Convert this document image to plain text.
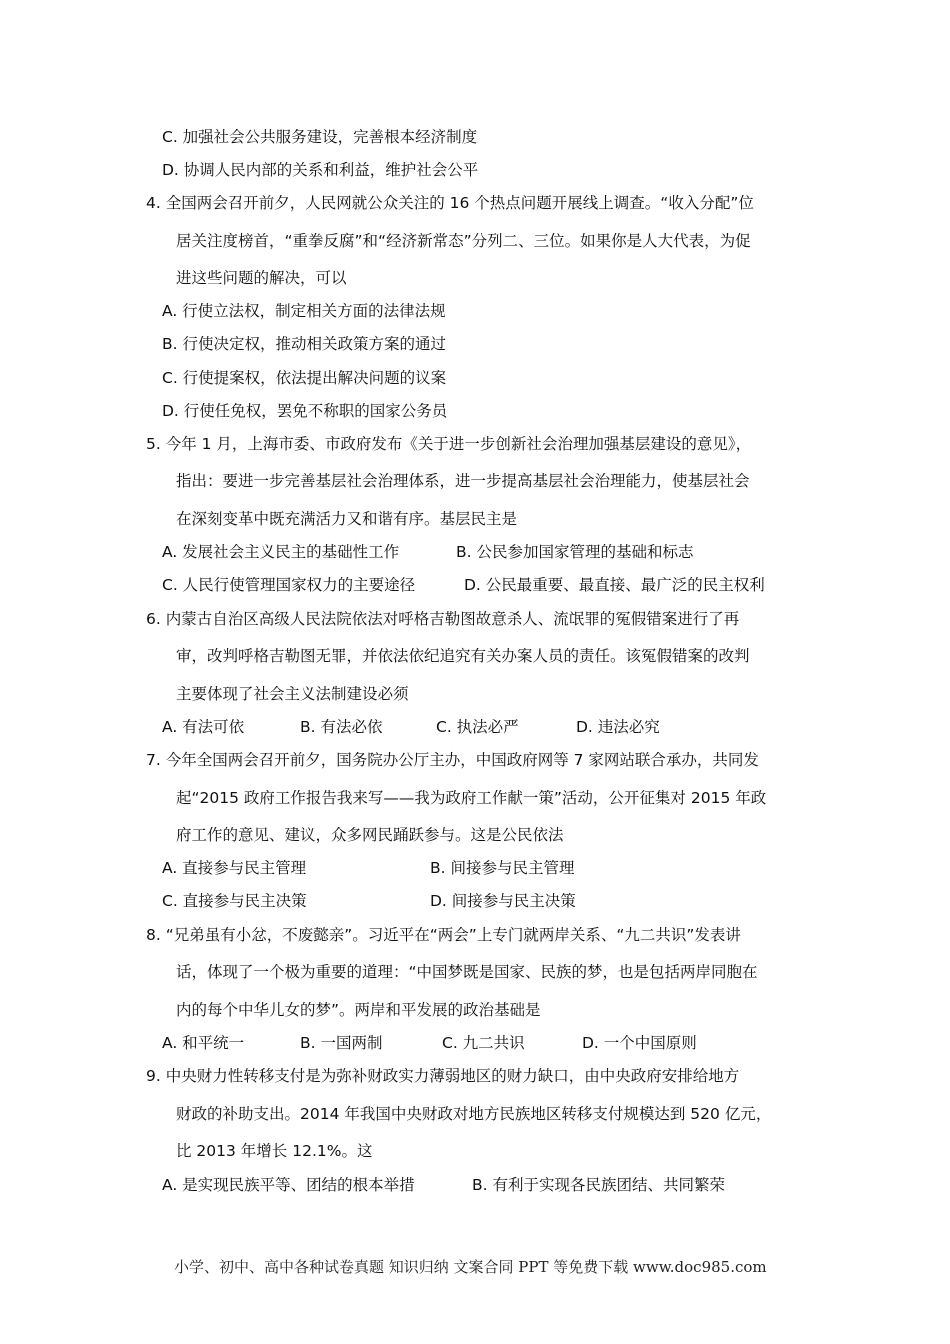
C. 加强社会公共服务建设，完善根本经济制度
D. 协调人民内部的关系和利益，维护社会公平
4. 全国两会召开前夕，人民网就公众关注的 16 个热点问题开展线上调查。“收入分配”位
居关注度榜首，“重拳反腐”和“经济新常态”分列二、三位。如果你是人大代表，为促
进这些问题的解决，可以
A. 行使立法权，制定相关方面的法律法规
B. 行使决定权，推动相关政策方案的通过
C. 行使提案权，依法提出解决问题的议案
D. 行使任免权，罢免不称职的国家公务员
5. 今年 1 月，上海市委、市政府发布《关于进一步创新社会治理加强基层建设的意见》，
指出：要进一步完善基层社会治理体系，进一步提高基层社会治理能力，使基层社会
在深刻变革中既充满活力又和谐有序。基层民主是
A. 发展社会主义民主的基础性工作	B. 公民参加国家管理的基础和标志
C. 人民行使管理国家权力的主要途径	D. 公民最重要、最直接、最广泛的民主权利
6. 内蒙古自治区高级人民法院依法对呼格吉勒图故意杀人、流氓罪的冤假错案进行了再
审，改判呼格吉勒图无罪，并依法依纪追究有关办案人员的责任。该冤假错案的改判
主要体现了社会主义法制建设必须
A. 有法可依	B. 有法必依	C. 执法必严	D. 违法必究
7. 今年全国两会召开前夕，国务院办公厅主办，中国政府网等 7 家网站联合承办，共同发
起“2015 政府工作报告我来写——我为政府工作献一策”活动，公开征集对 2015 年政
府工作的意见、建议，众多网民踊跃参与。这是公民依法
A. 直接参与民主管理	B. 间接参与民主管理
C. 直接参与民主决策	D. 间接参与民主决策
8. “兄弟虽有小忿，不废懿亲”。习近平在“两会”上专门就两岸关系、“九二共识”发表讲
话，体现了一个极为重要的道理：“中国梦既是国家、民族的梦，也是包括两岸同胞在
内的每个中华儿女的梦”。两岸和平发展的政治基础是
A. 和平统一	B. 一国两制	C. 九二共识	D. 一个中国原则
9. 中央财力性转移支付是为弥补财政实力薄弱地区的财力缺口，由中央政府安排给地方
财政的补助支出。2014 年我国中央财政对地方民族地区转移支付规模达到 520 亿元，
比 2013 年增长 12.1%。这
A. 是实现民族平等、团结的根本举措	B. 有利于实现各民族团结、共同繁荣
小学、初中、高中各种试卷真题 知识归纳 文案合同 PPT 等免费下载 www.doc985.com
